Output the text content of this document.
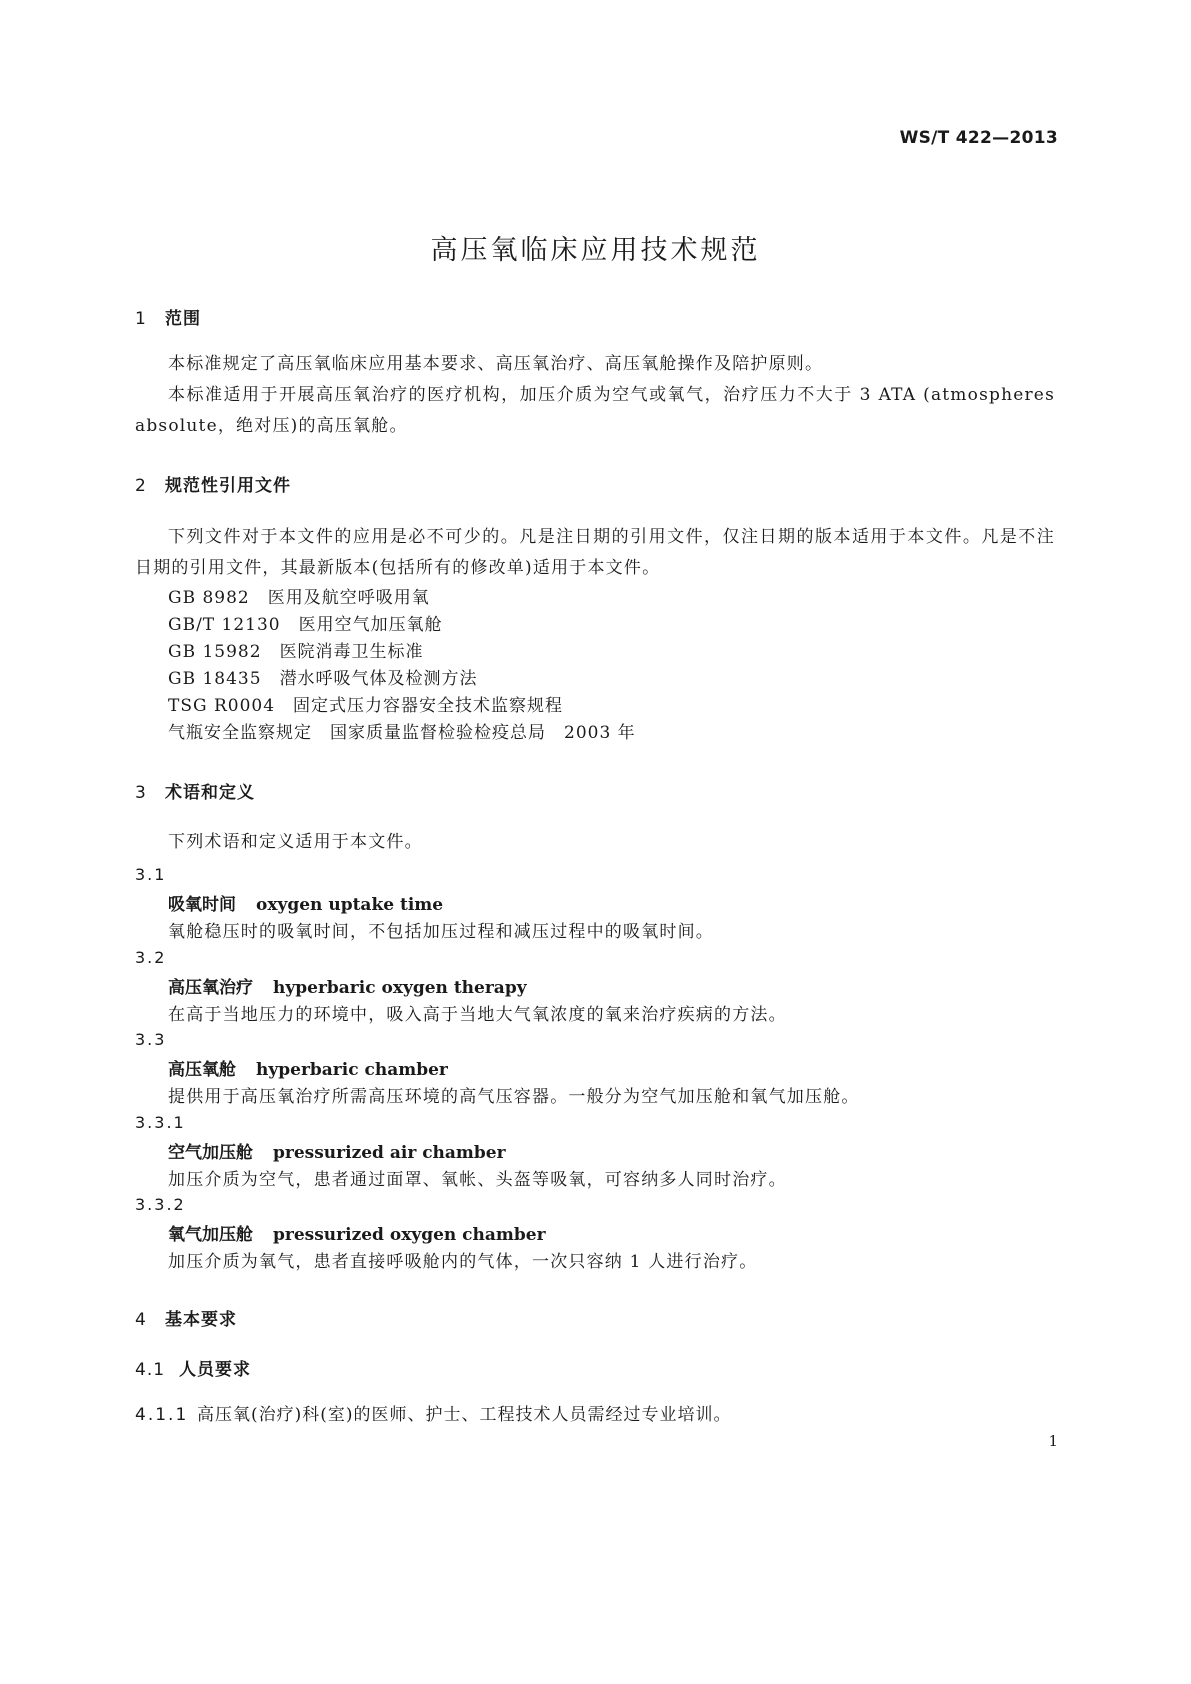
WS/T 422—2013
高压氧临床应用技术规范
1 范围
本标准规定了高压氧临床应用基本要求、高压氧治疗、高压氧舱操作及陪护原则。
本标准适用于开展高压氧治疗的医疗机构，加压介质为空气或氧气，治疗压力不大于 3 ATA (atmospheres absolute，绝对压)的高压氧舱。
2 规范性引用文件
下列文件对于本文件的应用是必不可少的。凡是注日期的引用文件，仅注日期的版本适用于本文件。凡是不注日期的引用文件，其最新版本(包括所有的修改单)适用于本文件。
GB 8982 医用及航空呼吸用氧
GB/T 12130 医用空气加压氧舱
GB 15982 医院消毒卫生标准
GB 18435 潜水呼吸气体及检测方法
TSG R0004 固定式压力容器安全技术监察规程
气瓶安全监察规定 国家质量监督检验检疫总局　2003 年
3 术语和定义
下列术语和定义适用于本文件。
3.1
吸氧时间 oxygen uptake time
氧舱稳压时的吸氧时间，不包括加压过程和减压过程中的吸氧时间。
3.2
高压氧治疗 hyperbaric oxygen therapy
在高于当地压力的环境中，吸入高于当地大气氧浓度的氧来治疗疾病的方法。
3.3
高压氧舱 hyperbaric chamber
提供用于高压氧治疗所需高压环境的高气压容器。一般分为空气加压舱和氧气加压舱。
3.3.1
空气加压舱 pressurized air chamber
加压介质为空气，患者通过面罩、氧帐、头盔等吸氧，可容纳多人同时治疗。
3.3.2
氧气加压舱 pressurized oxygen chamber
加压介质为氧气，患者直接呼吸舱内的气体，一次只容纳 1 人进行治疗。
4 基本要求
4.1 人员要求
4.1.1 高压氧(治疗)科(室)的医师、护士、工程技术人员需经过专业培训。
1
